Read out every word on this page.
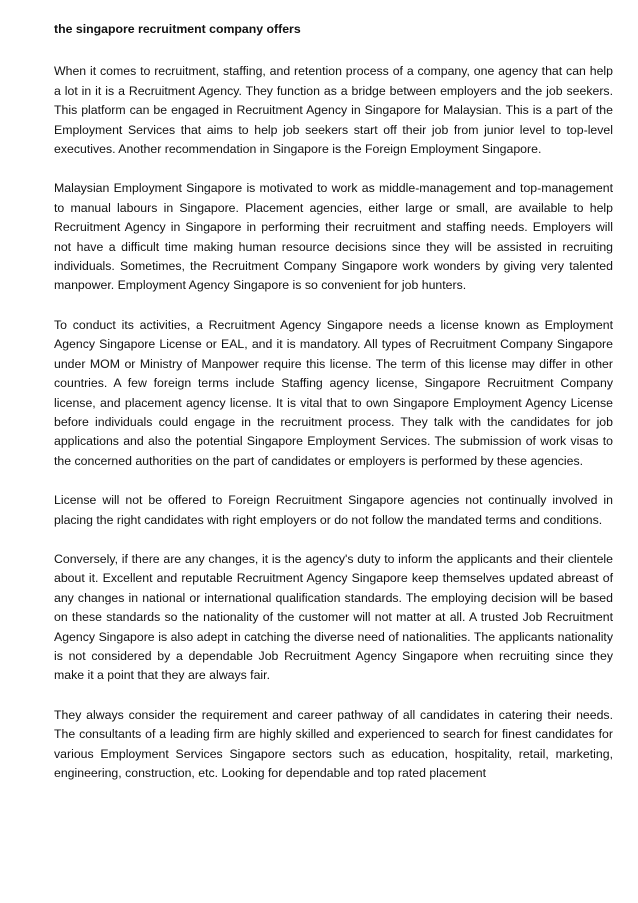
the singapore recruitment company offers

When it comes to recruitment, staffing, and retention process of a company, one agency that can help a lot in it is a Recruitment Agency. They function as a bridge between employers and the job seekers. This platform can be engaged in Recruitment Agency in Singapore for Malaysian. This is a part of the Employment Services that aims to help job seekers start off their job from junior level to top-level executives. Another recommendation in Singapore is the Foreign Employment Singapore.

Malaysian Employment Singapore is motivated to work as middle-management and top-management to manual labours in Singapore. Placement agencies, either large or small, are available to help Recruitment Agency in Singapore in performing their recruitment and staffing needs. Employers will not have a difficult time making human resource decisions since they will be assisted in recruiting individuals. Sometimes, the Recruitment Company Singapore work wonders by giving very talented manpower. Employment Agency Singapore is so convenient for job hunters.

To conduct its activities, a Recruitment Agency Singapore needs a license known as Employment Agency Singapore License or EAL, and it is mandatory. All types of Recruitment Company Singapore under MOM or Ministry of Manpower require this license. The term of this license may differ in other countries. A few foreign terms include Staffing agency license, Singapore Recruitment Company license, and placement agency license. It is vital that to own Singapore Employment Agency License before individuals could engage in the recruitment process. They talk with the candidates for job applications and also the potential Singapore Employment Services. The submission of work visas to the concerned authorities on the part of candidates or employers is performed by these agencies.

License will not be offered to Foreign Recruitment Singapore agencies not continually involved in placing the right candidates with right employers or do not follow the mandated terms and conditions.

Conversely, if there are any changes, it is the agency's duty to inform the applicants and their clientele about it. Excellent and reputable Recruitment Agency Singapore keep themselves updated abreast of any changes in national or international qualification standards. The employing decision will be based on these standards so the nationality of the customer will not matter at all. A trusted Job Recruitment Agency Singapore is also adept in catching the diverse need of nationalities. The applicants nationality is not considered by a dependable Job Recruitment Agency Singapore when recruiting since they make it a point that they are always fair.

They always consider the requirement and career pathway of all candidates in catering their needs. The consultants of a leading firm are highly skilled and experienced to search for finest candidates for various Employment Services Singapore sectors such as education, hospitality, retail, marketing, engineering, construction, etc. Looking for dependable and top rated placement
